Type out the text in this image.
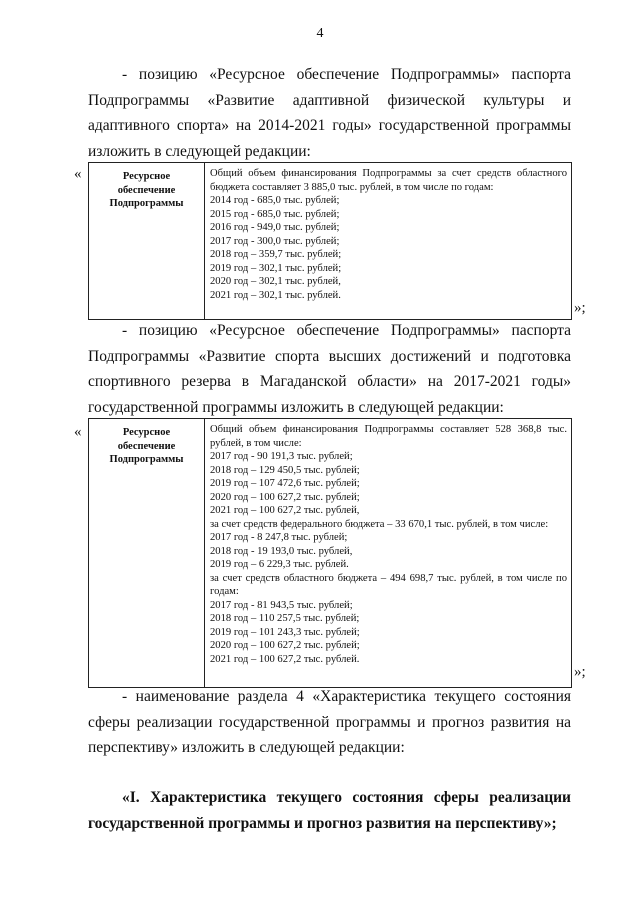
4
- позицию «Ресурсное обеспечение Подпрограммы» паспорта Подпрограммы «Развитие адаптивной физической культуры и адаптивного спорта» на 2014-2021 годы» государственной программы изложить в следующей редакции:
«	Ресурсное обеспечение Подпрограммы
Общий объем финансирования Подпрограммы за счет средств областного бюджета составляет 3 885,0 тыс. рублей, в том числе по годам:
2014 год - 685,0 тыс. рублей;
2015 год - 685,0 тыс. рублей;
2016 год - 949,0 тыс. рублей;
2017 год - 300,0 тыс. рублей;
2018 год – 359,7 тыс. рублей;
2019 год – 302,1 тыс. рублей;
2020 год – 302,1 тыс. рублей,
2021 год – 302,1 тыс. рублей.
»;
- позицию «Ресурсное обеспечение Подпрограммы» паспорта Подпрограммы «Развитие спорта высших достижений и подготовка спортивного резерва в Магаданской области» на 2017-2021 годы» государственной программы изложить в следующей редакции:
«	Ресурсное обеспечение Подпрограммы
Общий объем финансирования Подпрограммы составляет 528 368,8 тыс. рублей, в том числе:
2017 год - 90 191,3 тыс. рублей;
2018 год – 129 450,5 тыс. рублей;
2019 год – 107 472,6 тыс. рублей;
2020 год – 100 627,2 тыс. рублей;
2021 год – 100 627,2 тыс. рублей,
за счет средств федерального бюджета – 33 670,1 тыс. рублей, в том числе:
2017 год - 8 247,8 тыс. рублей;
2018 год - 19 193,0 тыс. рублей,
2019 год – 6 229,3 тыс. рублей.
за счет средств областного бюджета – 494 698,7 тыс. рублей, в том числе по годам:
2017 год - 81 943,5 тыс. рублей;
2018 год – 110 257,5 тыс. рублей;
2019 год – 101 243,3 тыс. рублей;
2020 год – 100 627,2 тыс. рублей;
2021 год – 100 627,2 тыс. рублей.
»;
- наименование раздела 4 «Характеристика текущего состояния сферы реализации государственной программы и прогноз развития на перспективу» изложить в следующей редакции:
«I. Характеристика текущего состояния сферы реализации государственной программы и прогноз развития на перспективу»;
